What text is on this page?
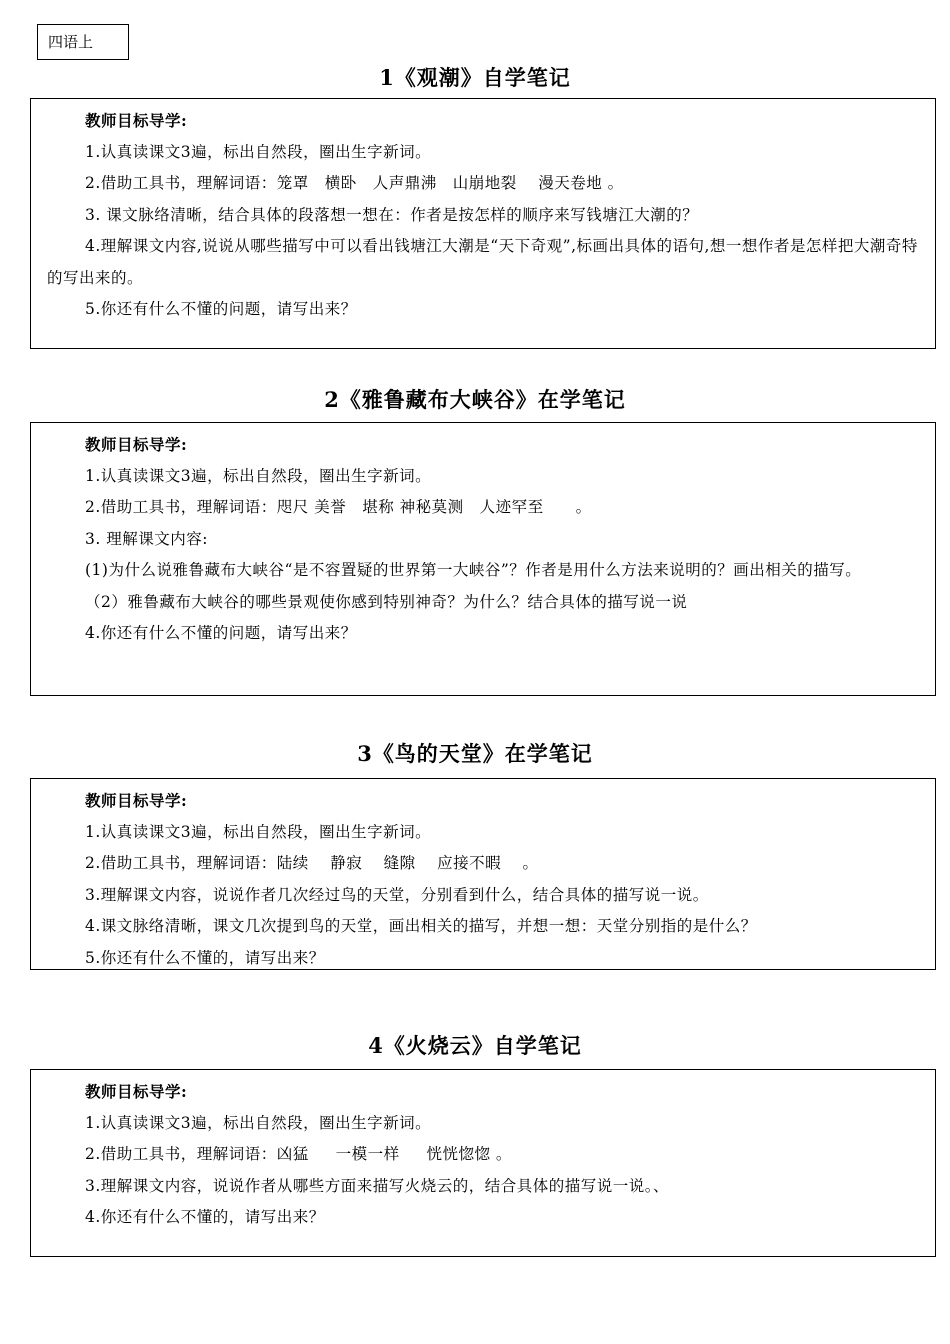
四语上
1《观潮》自学笔记

教师目标导学:

1.认真读课文3遍，标出自然段，圈出生字新词。

2.借助工具书，理解词语：笼罩　横卧　人声鼎沸　山崩地裂　 漫天卷地 。

3. 课文脉络清晰，结合具体的段落想一想在：作者是按怎样的顺序来写钱塘江大潮的？

4.理解课文内容,说说从哪些描写中可以看出钱塘江大潮是“天下奇观”,标画出具体的语句,想一想作者是怎样把大潮奇特的写出来的。

5.你还有什么不懂的问题，请写出来？

2《雅鲁藏布大峡谷》在学笔记

教师目标导学:

1.认真读课文3遍，标出自然段，圈出生字新词。

2.借助工具书，理解词语：咫尺 美誉　堪称 神秘莫测　人迹罕至　　。

3. 理解课文内容:

(1)为什么说雅鲁藏布大峡谷“是不容置疑的世界第一大峡谷”？作者是用什么方法来说明的？画出相关的描写。

（2）雅鲁藏布大峡谷的哪些景观使你感到特别神奇？为什么？结合具体的描写说一说

4.你还有什么不懂的问题，请写出来？

3《鸟的天堂》在学笔记

教师目标导学:

1.认真读课文3遍，标出自然段，圈出生字新词。

2.借助工具书，理解词语：陆续　 静寂 　缝隙 　应接不暇 　。

3.理解课文内容，说说作者几次经过鸟的天堂，分别看到什么，结合具体的描写说一说。

4.课文脉络清晰，课文几次提到鸟的天堂，画出相关的描写，并想一想：天堂分别指的是什么？

5.你还有什么不懂的，请写出来？

4《火烧云》自学笔记

教师目标导学:

1.认真读课文3遍，标出自然段，圈出生字新词。

2.借助工具书，理解词语：凶猛 　 一模一样 　 恍恍惚惚 。

3.理解课文内容，说说作者从哪些方面来描写火烧云的，结合具体的描写说一说。、

4.你还有什么不懂的，请写出来？
